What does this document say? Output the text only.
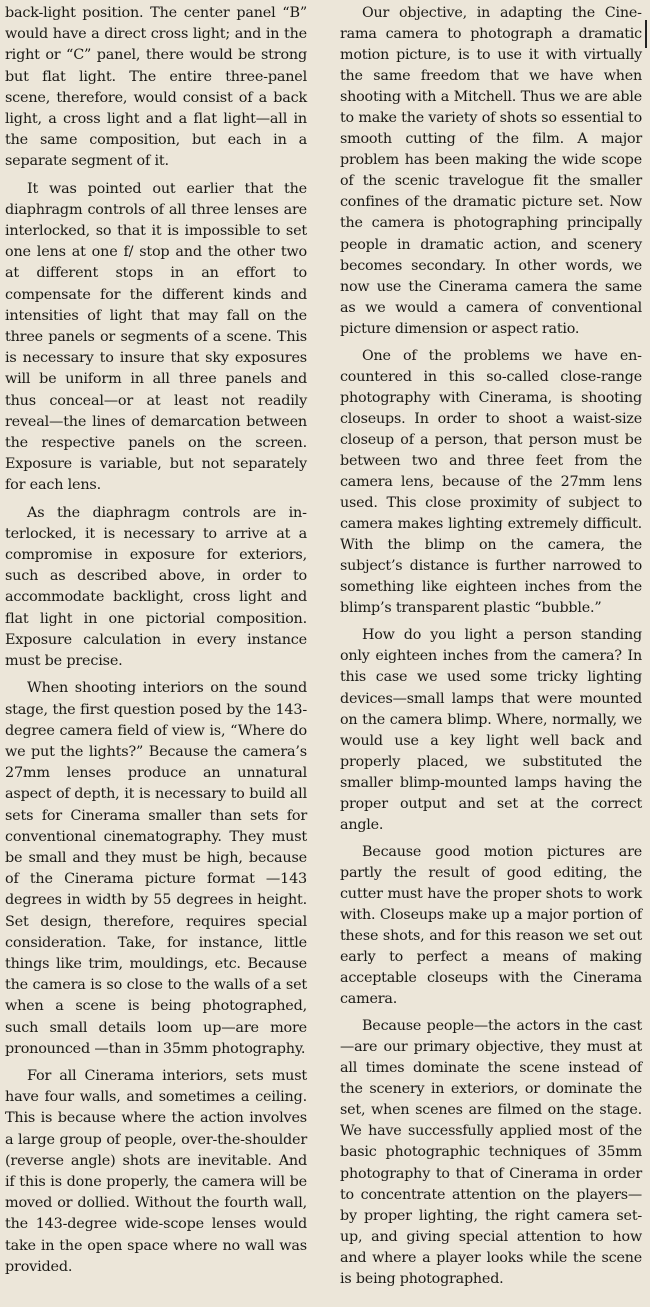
back-light position. The center panel “B” would have a direct cross light; and in the right or “C” panel, there would be strong but flat light. The entire three-panel scene, therefore, would consist of a back light, a cross light and a flat light—all in the same composition, but each in a separate segment of it.

It was pointed out earlier that the diaphragm controls of all three lenses are interlocked, so that it is impossible to set one lens at one f/ stop and the other two at different stops in an effort to compensate for the different kinds and intensities of light that may fall on the three panels or segments of a scene. This is necessary to insure that sky exposures will be uniform in all three panels and thus conceal—or at least not readily reveal—the lines of demarcation between the respective panels on the screen. Exposure is variable, but not separately for each lens.

As the diaphragm controls are interlocked, it is necessary to arrive at a compromise in exposure for exteriors, such as described above, in order to accommodate backlight, cross light and flat light in one pictorial composition. Exposure calculation in every instance must be precise.

When shooting interiors on the sound stage, the first question posed by the 143-degree camera field of view is, “Where do we put the lights?” Because the camera’s 27mm lenses produce an unnatural aspect of depth, it is necessary to build all sets for Cinerama smaller than sets for conventional cinematography. They must be small and they must be high, because of the Cinerama picture format —143 degrees in width by 55 degrees in height. Set design, therefore, requires special consideration. Take, for instance, little things like trim, mouldings, etc. Because the camera is so close to the walls of a set when a scene is being photographed, such small details loom up—are more pronounced —than in 35mm photography.

For all Cinerama interiors, sets must have four walls, and sometimes a ceiling. This is because where the action involves a large group of people, over-the-shoulder (reverse angle) shots are inevitable. And if this is done properly, the camera will be moved or dollied. Without the fourth wall, the 143-degree wide-scope lenses would take in the open space where no wall was provided.

Our objective, in adapting the Cinerama camera to photograph a dramatic motion picture, is to use it with virtually the same freedom that we have when shooting with a Mitchell. Thus we are able to make the variety of shots so essential to smooth cutting of the film. A major problem has been making the wide scope of the scenic travelogue fit the smaller confines of the dramatic picture set. Now the camera is photographing principally people in dramatic action, and scenery becomes secondary. In other words, we now use the Cinerama camera the same as we would a camera of conventional picture dimension or aspect ratio.

One of the problems we have encountered in this so-called close-range photography with Cinerama, is shooting closeups. In order to shoot a waist-size closeup of a person, that person must be between two and three feet from the camera lens, because of the 27mm lens used. This close proximity of subject to camera makes lighting extremely difficult. With the blimp on the camera, the subject’s distance is further narrowed to something like eighteen inches from the blimp’s transparent plastic “bubble.”

How do you light a person standing only eighteen inches from the camera? In this case we used some tricky lighting devices—small lamps that were mounted on the camera blimp. Where, normally, we would use a key light well back and properly placed, we substituted the smaller blimp-mounted lamps having the proper output and set at the correct angle.

Because good motion pictures are partly the result of good editing, the cutter must have the proper shots to work with. Closeups make up a major portion of these shots, and for this reason we set out early to perfect a means of making acceptable closeups with the Cinerama camera.

Because people—the actors in the cast—are our primary objective, they must at all times dominate the scene instead of the scenery in exteriors, or dominate the set, when scenes are filmed on the stage. We have successfully applied most of the basic photographic techniques of 35mm photography to that of Cinerama in order to concentrate attention on the players— by proper lighting, the right camera set-up, and giving special attention to how and where a player looks while the scene is being photographed.
